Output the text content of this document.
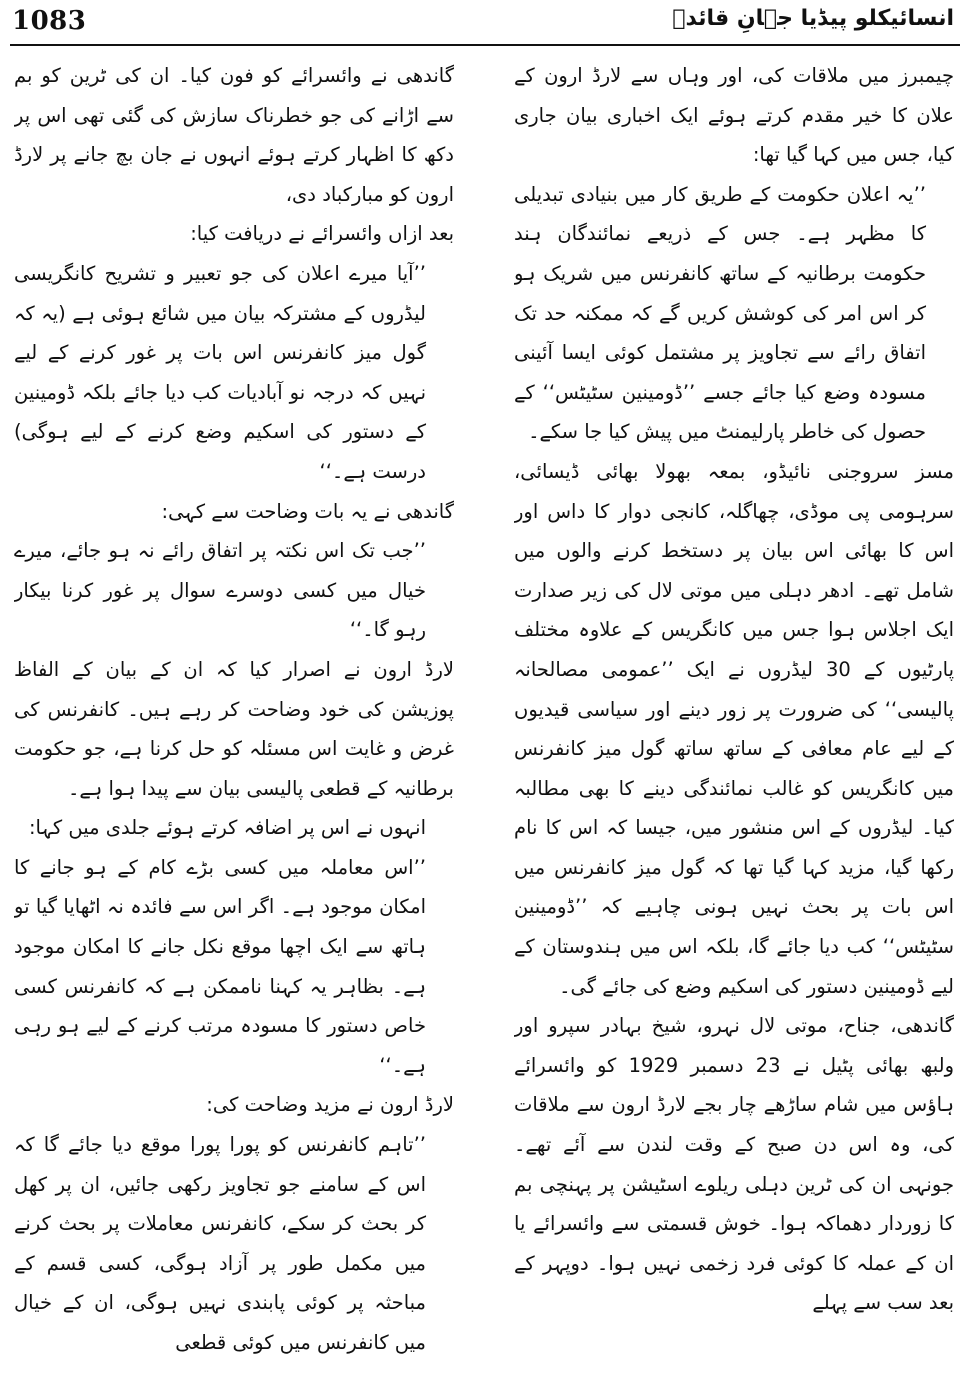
1083	انسائیکلو پیڈیا جہانِ قائدؒ

چیمبرز میں ملاقات کی، اور وہاں سے لارڈ ارون کے علان کا خیر مقدم کرتے ہوئے ایک اخباری بیان جاری کیا، جس میں کہا گیا تھا:

’’یہ اعلان حکومت کے طریق کار میں بنیادی تبدیلی کا مظہر ہے۔ جس کے ذریعے نمائندگان ہند حکومت برطانیہ کے ساتھ کانفرنس میں شریک ہو کر اس امر کی کوشش کریں گے کہ ممکنہ حد تک اتفاق رائے سے تجاویز پر مشتمل کوئی ایسا آئینی مسودہ وضع کیا جائے جسے ’’ڈومینین سٹیٹس‘‘ کے حصول کی خاطر پارلیمنٹ میں پیش کیا جا سکے۔

مسز سروجنی نائیڈو، بمعہ بھولا بھائی ڈیسائی، سرہومی پی موڈی، چھاگلہ، کانجی دوار کا داس اور اس کا بھائی اس بیان پر دستخط کرنے والوں میں شامل تھے۔ ادھر دہلی میں موتی لال کی زیر صدارت ایک اجلاس ہوا جس میں کانگریس کے علاوہ مختلف پارٹیوں کے 30 لیڈروں نے ایک ’’عمومی مصالحانہ پالیسی‘‘ کی ضرورت پر زور دینے اور سیاسی قیدیوں کے لیے عام معافی کے ساتھ ساتھ گول میز کانفرنس میں کانگریس کو غالب نمائندگی دینے کا بھی مطالبہ کیا۔ لیڈروں کے اس منشور میں، جیسا کہ اس کا نام رکھا گیا، مزید کہا گیا تھا کہ گول میز کانفرنس میں اس بات پر بحث نہیں ہونی چاہیے کہ ’’ڈومینین سٹیٹس‘‘ کب دیا جائے گا، بلکہ اس میں ہندوستان کے لیے ڈومینین دستور کی اسکیم وضع کی جائے گی۔

گاندھی، جناح، موتی لال نہرو، شیخ بہادر سپرو اور ولبھ بھائی پٹیل نے 23 دسمبر 1929 کو وائسرائے ہاؤس میں شام ساڑھے چار بجے لارڈ ارون سے ملاقات کی، وہ اس دن صبح کے وقت لندن سے آئے تھے۔ جونہی ان کی ٹرین دہلی ریلوے اسٹیشن پر پہنچی بم کا زوردار دھماکہ ہوا۔ خوش قسمتی سے وائسرائے یا ان کے عملہ کا کوئی فرد زخمی نہیں ہوا۔ دوپہر کے بعد سب سے پہلے

گاندھی نے وائسرائے کو فون کیا۔ ان کی ٹرین کو بم سے اڑانے کی جو خطرناک سازش کی گئی تھی اس پر دکھ کا اظہار کرتے ہوئے انہوں نے جان بچ جانے پر لارڈ ارون کو مبارکباد دی،

بعد ازاں وائسرائے نے دریافت کیا:

’’آیا میرے اعلان کی جو تعبیر و تشریح کانگریسی لیڈروں کے مشترکہ بیان میں شائع ہوئی ہے (یہ کہ گول میز کانفرنس اس بات پر غور کرنے کے لیے نہیں کہ درجہ نو آبادیات کب دیا جائے بلکہ ڈومینین کے دستور کی اسکیم وضع کرنے کے لیے ہوگی) درست ہے۔‘‘

گاندھی نے یہ بات وضاحت سے کہی:

’’جب تک اس نکتہ پر اتفاق رائے نہ ہو جائے، میرے خیال میں کسی دوسرے سوال پر غور کرنا بیکار رہو گا۔‘‘

لارڈ ارون نے اصرار کیا کہ ان کے بیان کے الفاظ پوزیشن کی خود وضاحت کر رہے ہیں۔ کانفرنس کی غرض و غایت اس مسئلہ کو حل کرنا ہے، جو حکومت برطانیہ کے قطعی پالیسی بیان سے پیدا ہوا ہے۔

انہوں نے اس پر اضافہ کرتے ہوئے جلدی میں کہا:

’’اس معاملہ میں کسی بڑے کام کے ہو جانے کا امکان موجود ہے۔ اگر اس سے فائدہ نہ اٹھایا گیا تو ہاتھ سے ایک اچھا موقع نکل جانے کا امکان موجود ہے۔ بظاہر یہ کہنا ناممکن ہے کہ کانفرنس کسی خاص دستور کا مسودہ مرتب کرنے کے لیے ہو رہی ہے۔‘‘

لارڈ ارون نے مزید وضاحت کی:

’’تاہم کانفرنس کو پورا پورا موقع دیا جائے گا کہ اس کے سامنے جو تجاویز رکھی جائیں، ان پر کھل کر بحث کر سکے، کانفرنس معاملات پر بحث کرنے میں مکمل طور پر آزاد ہوگی، کسی قسم کے مباحثہ پر کوئی پابندی نہیں ہوگی، ان کے خیال میں کانفرنس میں کوئی قطعی
